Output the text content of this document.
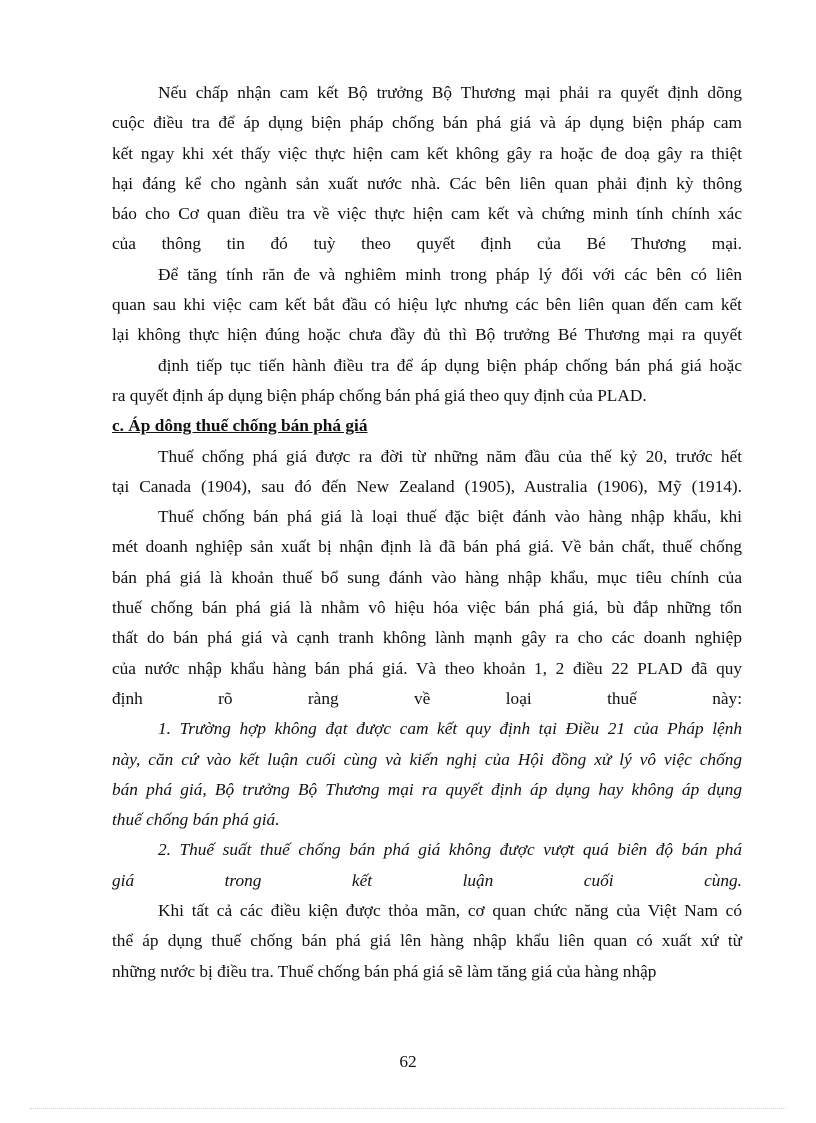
Nếu chấp nhận cam kết Bộ trưởng Bộ Thương mại phải ra quyết định dõng
cuộc điều tra để áp dụng biện pháp chống bán phá giá và áp dụng biện pháp cam
kết ngay khi xét thấy việc thực hiện cam kết không gây ra hoặc đe doạ gây ra thiệt
hại đáng kể cho ngành sản xuất nước nhà. Các bên liên quan phải định kỳ thông
báo cho Cơ quan điều tra về việc thực hiện cam kết và chứng minh tính chính xác
của thông tin đó tuỳ theo quyết định của Bé Thương mại.
Để tăng tính răn đe và nghiêm minh trong pháp lý đối với các bên có liên
quan sau khi việc cam kết bắt đầu có hiệu lực nhưng các bên liên quan đến cam kết
lại không thực hiện đúng hoặc chưa đầy đủ thì Bộ trưởng Bé Thương mại ra quyết
định tiếp tục tiến hành điều tra để áp dụng biện pháp chống bán phá giá hoặc
ra quyết định áp dụng biện pháp chống bán phá giá theo quy định của PLAD.
c. Áp dông thuế chống bán phá giá
Thuế chống phá giá được ra đời từ những năm đầu của thế kỷ 20, trước hết
tại Canada (1904), sau đó đến New Zealand (1905), Australia (1906), Mỹ (1914).
Thuế chống bán phá giá là loại thuế đặc biệt đánh vào hàng nhập khẩu, khi
mét doanh nghiệp sản xuất bị nhận định là đã bán phá giá. Về bản chất, thuế chống
bán phá giá là khoản thuế bổ sung đánh vào hàng nhập khẩu, mục tiêu chính của
thuế chống bán phá giá là nhằm vô hiệu hóa việc bán phá giá, bù đắp những tổn
thất do bán phá giá và cạnh tranh không lành mạnh gây ra cho các doanh nghiệp
của nước nhập khẩu hàng bán phá giá. Và theo khoản 1, 2 điều 22 PLAD đã quy
định rõ ràng về loại thuế này:
1. Trường hợp không đạt được cam kết quy định tại Điều 21 của Pháp lệnh
này, căn cứ vào kết luận cuối cùng và kiến nghị của Hội đồng xử lý vô việc chống
bán phá giá, Bộ trưởng Bộ Thương mại ra quyết định áp dụng hay không áp dụng
thuế chống bán phá giá.
2. Thuế suất thuế chống bán phá giá không được vượt quá biên độ bán phá
giá trong kết luận cuối cùng.
Khi tất cả các điều kiện được thỏa mãn, cơ quan chức năng của Việt Nam có
thể áp dụng thuế chống bán phá giá lên hàng nhập khẩu liên quan có xuất xứ từ
những nước bị điều tra. Thuế chống bán phá giá sẽ làm tăng giá của hàng nhập
62
